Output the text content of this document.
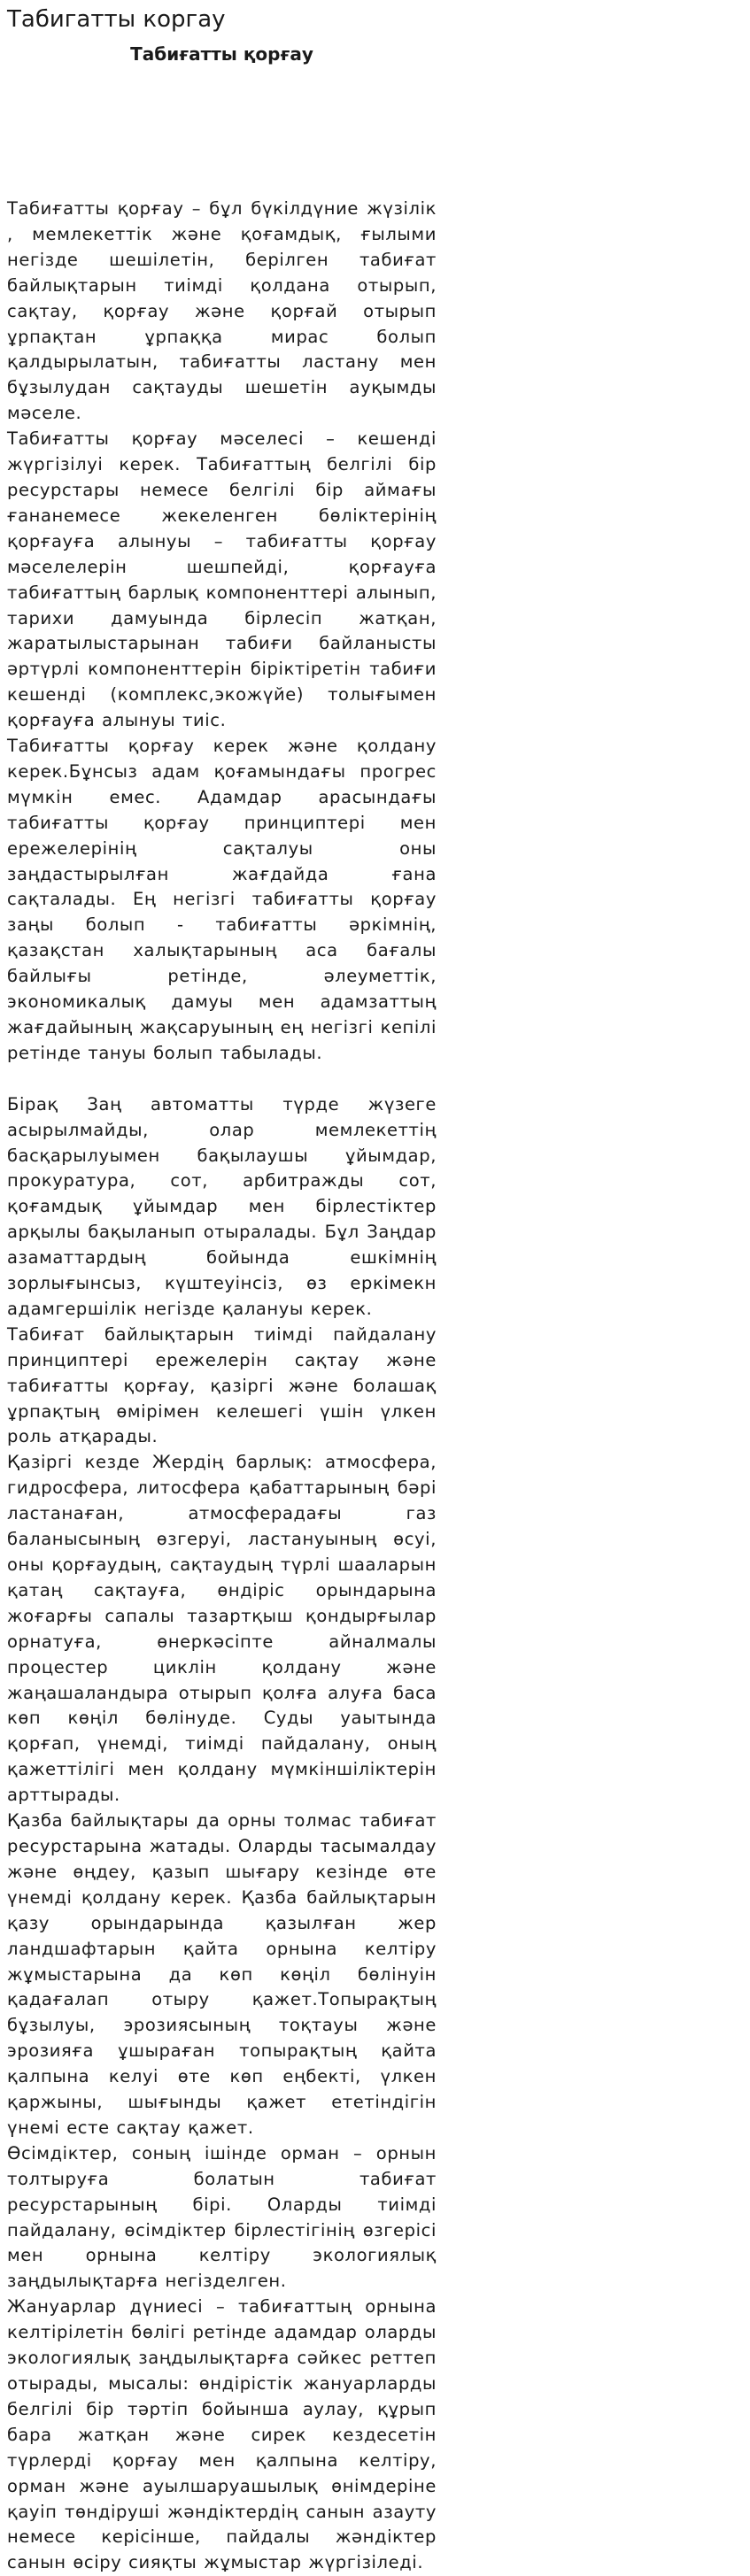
Табигатты коргау
Табиғатты қорғау

Табиғатты қорғау – бұл бүкілдүние жүзілік , мемлекеттік және қоғамдық, ғылыми негізде шешілетін, берілген табиғат байлықтарын тиімді қолдана отырып, сақтау, қорғау және қорғай отырып ұрпақтан ұрпаққа мирас болып қалдырылатын, табиғатты ластану мен бұзылудан сақтауды шешетін ауқымды мәселе.

Табиғатты қорғау мәселесі – кешенді жүргізілуі керек. Табиғаттың белгілі бір ресурстары немесе белгілі бір аймағы ғананемесе жекеленген бөліктерінің қорғауға алынуы – табиғатты қорғау мәселелерін шешпейді, қорғауға табиғаттың барлық компоненттері алынып, тарихи дамуында бірлесіп жатқан, жаратылыстарынан табиғи байланысты әртүрлі компоненттерін біріктіретін табиғи кешенді (комплекс,экожүйе) толығымен қорғауға алынуы тиіс.

Табиғатты қорғау керек және қолдану керек.Бұнсыз адам қоғамындағы прогрес мүмкін емес. Адамдар арасындағы табиғатты қорғау принциптері мен ережелерінің сақталуы оны заңдастырылған жағдайда ғана сақталады. Ең негізгі табиғатты қорғау заңы болып - табиғатты әркімнің, қазақстан халықтарының аса бағалы байлығы ретінде, әлеуметтік, экономикалық дамуы мен адамзаттың жағдайының жақсаруының ең негізгі кепілі ретінде тануы болып табылады.

Бірақ Заң автоматты түрде жүзеге асырылмайды, олар мемлекеттің басқарылуымен бақылаушы ұйымдар, прокуратура, сот, арбитражды сот, қоғамдық ұйымдар мен бірлестіктер арқылы бақыланып отыралады. Бұл Заңдар азаматтардың бойында ешкімнің зорлығынсыз, күштеуінсіз, өз еркімекн адамгершілік негізде қалануы керек.

Табиғат байлықтарын тиімді пайдалану принциптері ережелерін сақтау және табиғатты қорғау, қазіргі және болашақ ұрпақтың өмірімен келешегі үшін үлкен роль атқарады.

Қазіргі кезде Жердің барлық: атмосфера, гидросфера, литосфера қабаттарының бәрі ластанаған, атмосферадағы газ баланысының өзгеруі, ластануының өсуі, оны қорғаудың, сақтаудың түрлі шааларын қатаң сақтауға, өндіріс орындарына жоғарғы сапалы тазартқыш қондырғылар орнатуға, өнеркәсіпте айналмалы процестер циклін қолдану және жаңашаландыра отырып қолға алуға баса көп көңіл бөлінуде. Суды уаытында қорғап, үнемді, тиімді пайдалану, оның қажеттілігі мен қолдану мүмкіншіліктерін арттырады.

Қазба байлықтары да орны толмас табиғат ресурстарына жатады. Оларды тасымалдау және өңдеу, қазып шығару кезінде өте үнемді қолдану керек. Қазба байлықтарын қазу орындарында қазылған жер ландшафтарын қайта орнына келтіру жұмыстарына да көп көңіл бөлінуін қадағалап отыру қажет.Топырақтың бұзылуы, эрозиясының тоқтауы және эрозияға ұшыраған топырақтың қайта қалпына келуі өте көп еңбекті, үлкен қаржыны, шығынды қажет ететіндігін үнемі есте сақтау қажет.

Өсімдіктер, соның ішінде орман – орнын толтыруға болатын табиғат ресурстарының бірі. Оларды тиімді пайдалану, өсімдіктер бірлестігінің өзгерісі мен орнына келтіру экологиялық заңдылықтарға негізделген.

Жануарлар дүниесі – табиғаттың орнына келтірілетін бөлігі ретінде адамдар оларды экологиялық заңдылықтарға сәйкес реттеп отырады, мысалы: өндірістік жануарларды белгілі бір тәртіп бойынша аулау, құрып бара жатқан және сирек кездесетін түрлерді қорғау мен қалпына келтіру, орман және ауылшаруашылық өнімдеріне қауіп төндіруші жәндіктердің санын азауту немесе керісінше, пайдалы жәндіктер санын өсіру сияқты жұмыстар жүргізіледі.
